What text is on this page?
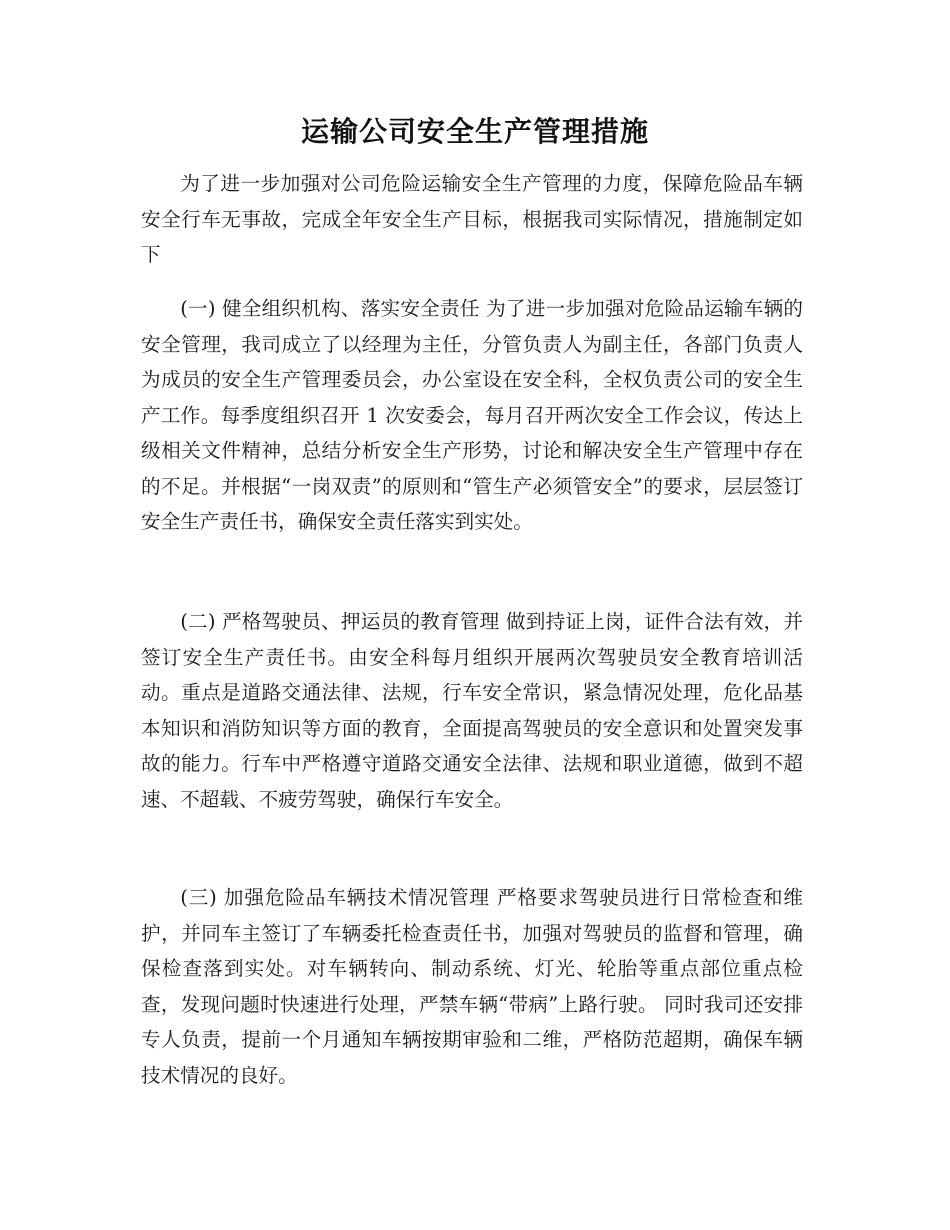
运输公司安全生产管理措施

为了进一步加强对公司危险运输安全生产管理的力度，保障危险品车辆安全行车无事故，完成全年安全生产目标，根据我司实际情况，措施制定如下

(一) 健全组织机构、落实安全责任 为了进一步加强对危险品运输车辆的安全管理，我司成立了以经理为主任，分管负责人为副主任，各部门负责人为成员的安全生产管理委员会，办公室设在安全科，全权负责公司的安全生产工作。每季度组织召开 1 次安委会，每月召开两次安全工作会议，传达上级相关文件精神，总结分析安全生产形势，讨论和解决安全生产管理中存在的不足。并根据“一岗双责”的原则和“管生产必须管安全”的要求，层层签订安全生产责任书，确保安全责任落实到实处。

(二) 严格驾驶员、押运员的教育管理 做到持证上岗，证件合法有效，并签订安全生产责任书。由安全科每月组织开展两次驾驶员安全教育培训活动。重点是道路交通法律、法规，行车安全常识，紧急情况处理，危化品基本知识和消防知识等方面的教育，全面提高驾驶员的安全意识和处置突发事故的能力。行车中严格遵守道路交通安全法律、法规和职业道德，做到不超速、不超载、不疲劳驾驶，确保行车安全。

(三) 加强危险品车辆技术情况管理 严格要求驾驶员进行日常检查和维护，并同车主签订了车辆委托检查责任书，加强对驾驶员的监督和管理，确保检查落到实处。对车辆转向、制动系统、灯光、轮胎等重点部位重点检查，发现问题时快速进行处理，严禁车辆“带病”上路行驶。 同时我司还安排专人负责，提前一个月通知车辆按期审验和二维，严格防范超期，确保车辆技术情况的良好。
